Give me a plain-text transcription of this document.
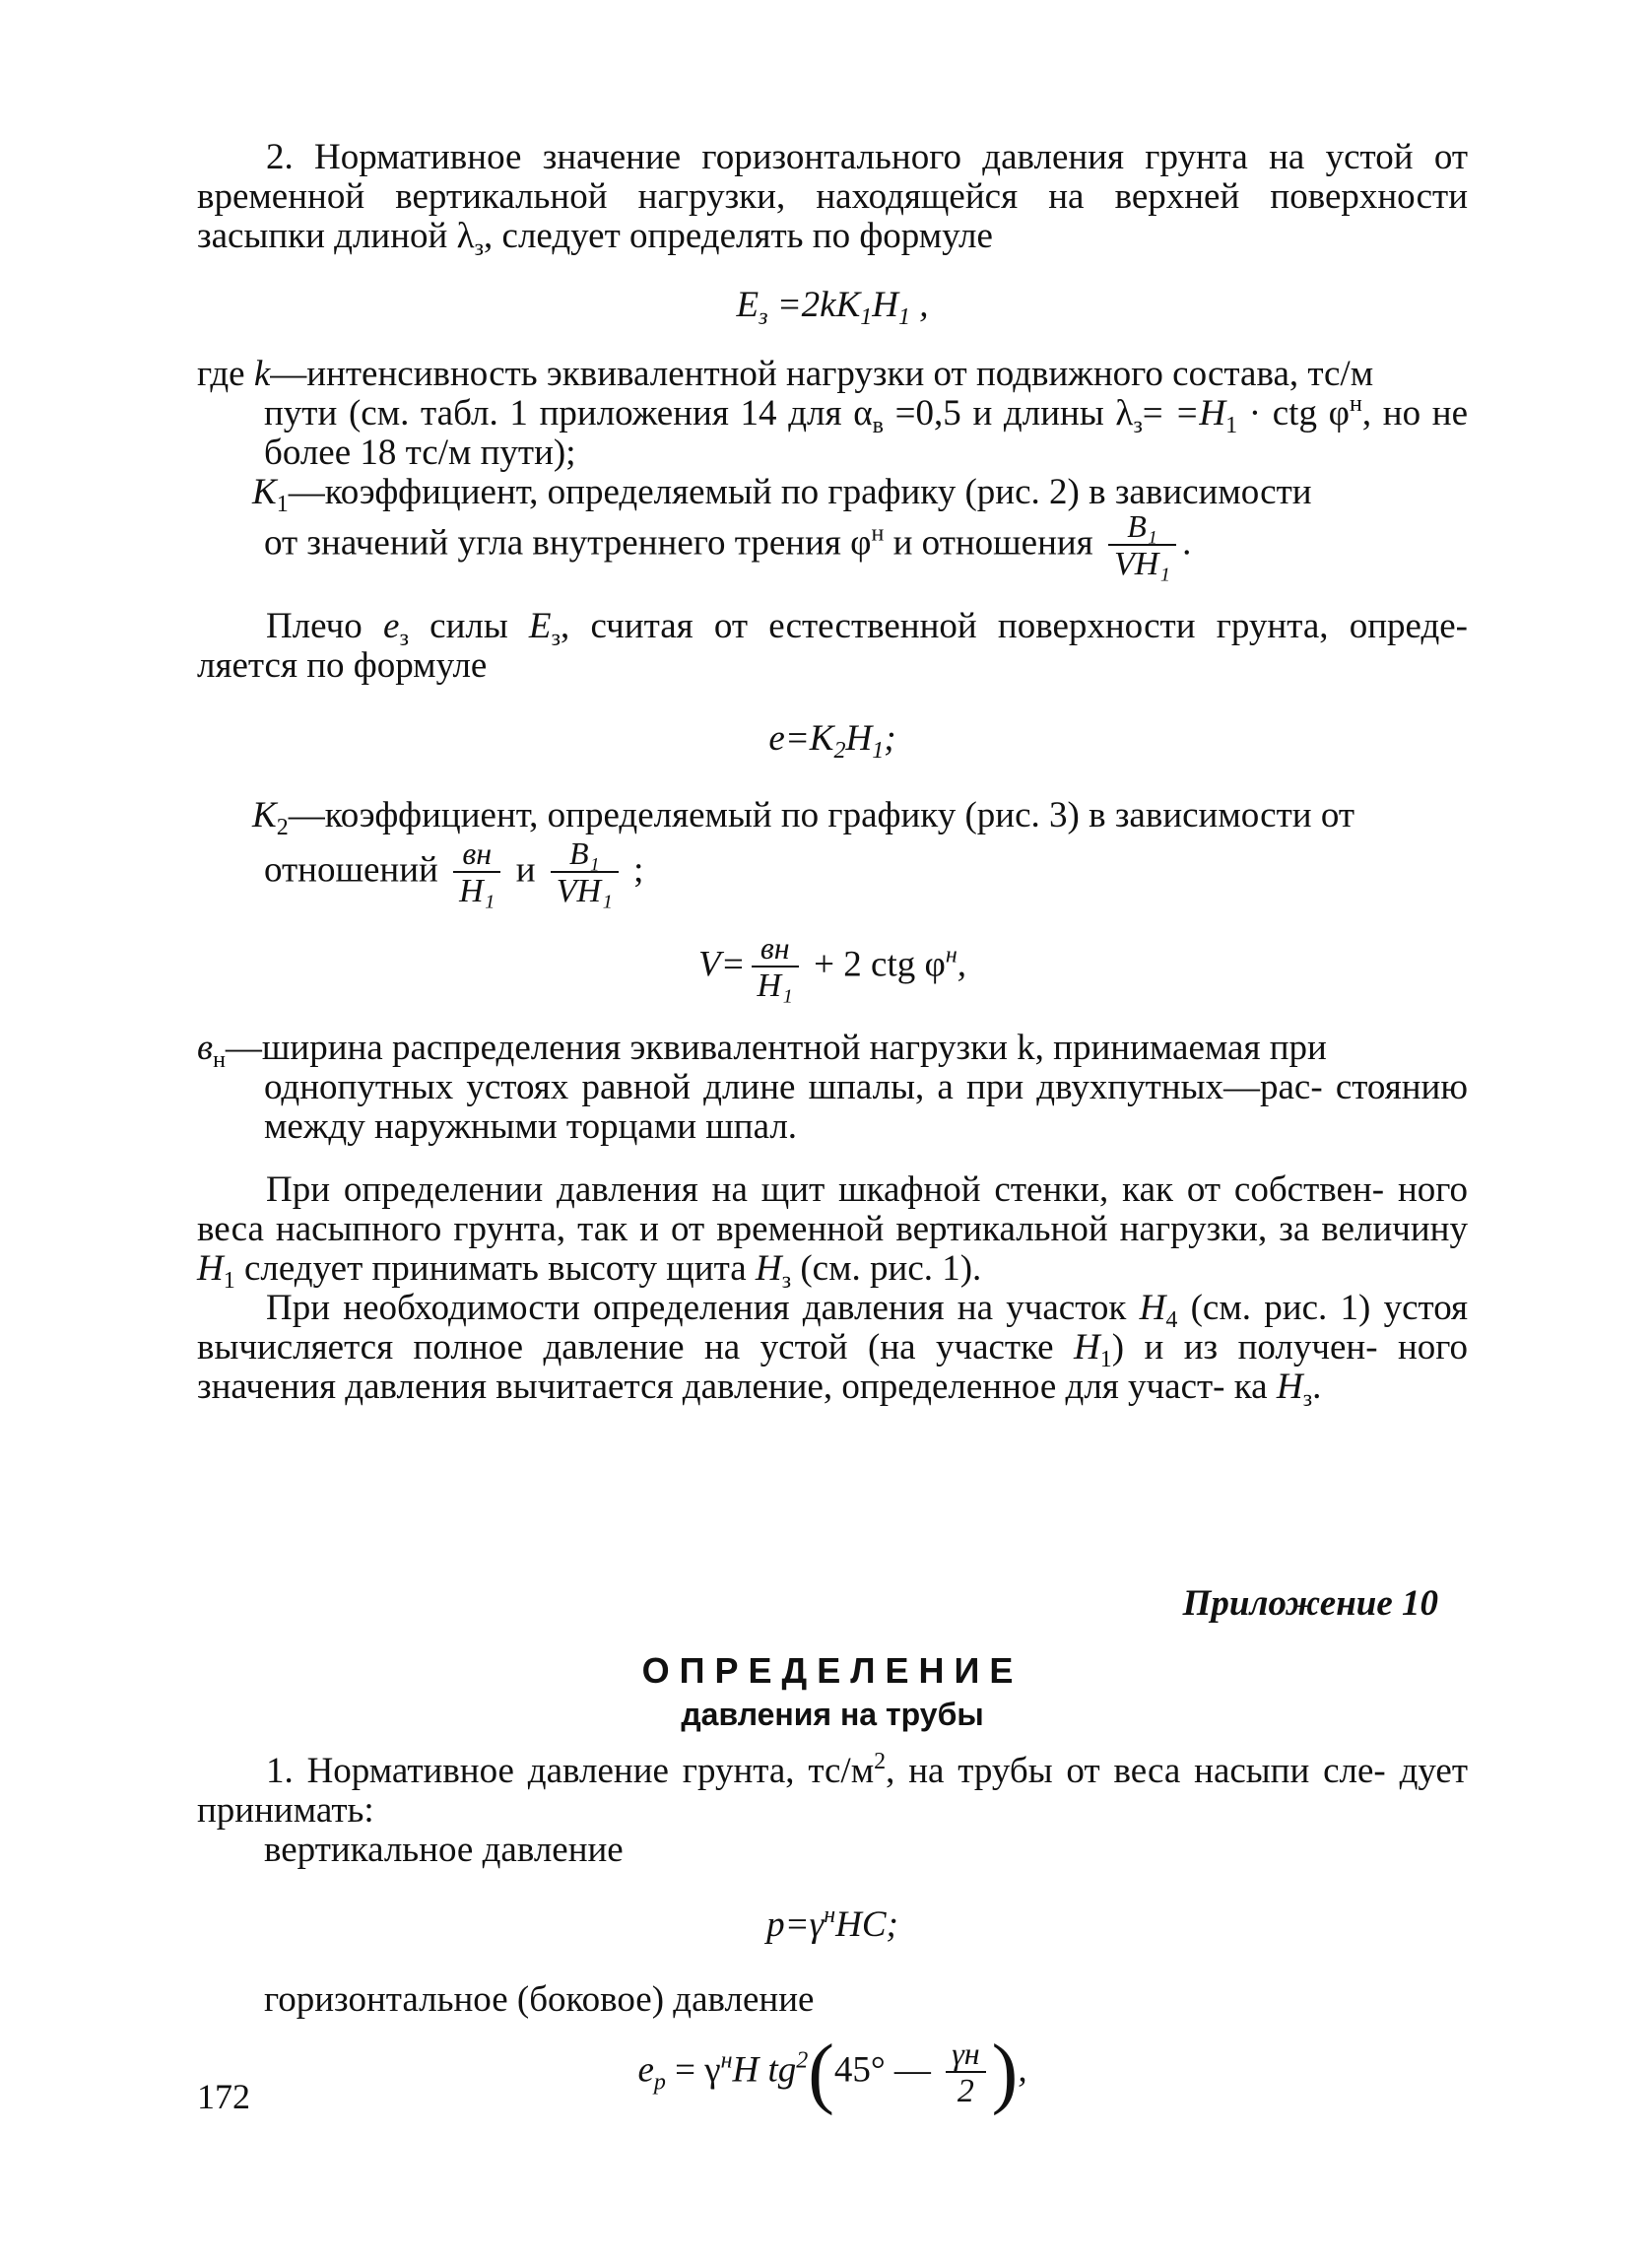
2. Нормативное значение горизонтального давления грунта на устой от временной вертикальной нагрузки, находящейся на верхней поверхности засыпки длиной $\lambda_з$, следует определять по формуле

$E_з =2kK_1H_1$ ,

где k—интенсивность эквивалентной нагрузки от подвижного состава, тс/м

пути (см. табл. 1 приложения 14 для $\alpha_в =0,5$ и длины $\lambda_з= =H_1$ · ctg $\varphi^н$, но не более 18 тс/м пути);

$K_1—коэффициент$, определяемый по графику (рис. 2) в зависимости

от значений угла внутреннего трения $\varphi^н$ и отношения $\frac{\text{B₁}}{\text{VH₁}}$ .

Плечо $e_з$ силы $E_з$, считая от естественной поверхности грунта, опреде- ляется по формуле

$e=K_2H_1$;

$K_2—коэффициент$, определяемый по графику (рис. 3) в зависимости от

отношений $\frac{вн}{\text{H₁}}$ и $\frac{\text{B₁}}{\text{VH₁}}$ ;

$V= \frac{вн}{\text{H₁}} + 2$ ctg $\varphi^н$,

$в_н—ширина$ распределения эквивалентной нагрузки k, принимаемая при

однопутных устоях равной длине шпалы, а при двухпутных—рас- стоянию между наружными торцами шпал.

При определении давления на щит шкафной стенки, как от собствен- ного веса насыпного грунта, так и от временной вертикальной нагрузки, за величину $H_1$ следует принимать высоту щита $H_з$ (см. рис. 1).

При необходимости определения давления на участок $H_4$ (см. рис. 1) устоя вычисляется полное давление на устой (на участке $H_1$) и из получен- ного значения давления вычитается давление, определенное для участ- ка $H_з$.

Приложение 10

ОПРЕДЕЛЕНИЕ

давления на трубы

1. Нормативное давление грунта, $тс/м^2$, на трубы от веса насыпи сле- дует принимать:

вертикальное давление

$p=\gamma^нHC$;

горизонтальное (боковое) давление

$e_р = \gamma^нH$ $tg^2(45^\circ$ — $\frac{\gamma н}{2}$ ),

172
